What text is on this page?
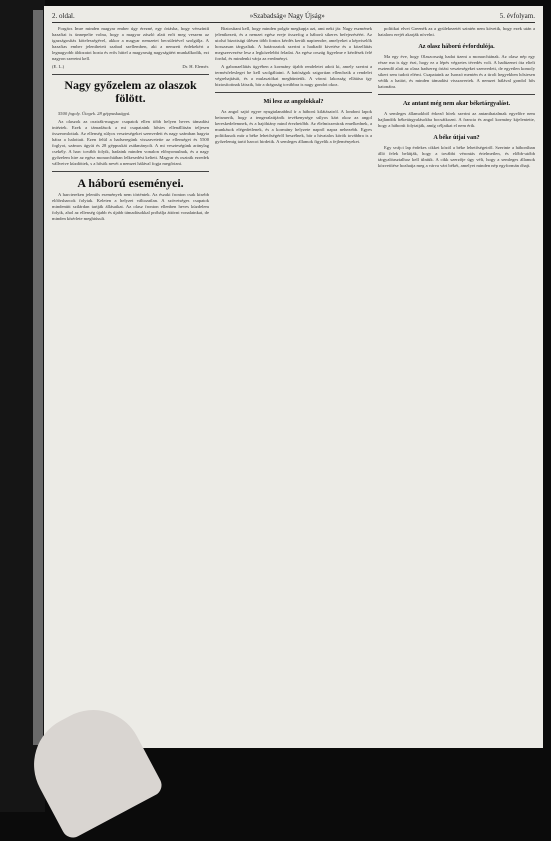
2. oldal.	»Szabadság« Nagy Újság»	5. évfolyam.

Forgács Imre minden magyar ember úgy érezné, egy óriásba, hogy vérszíntű hazafiai is ünnepelte volna, hogy a magyar zászló alatt erőt meg veszem az igazságosítás kötelességével, akkor a magyar nemzetet becsületével szolgálja. A hazafias ember jelenthetett szabad szellemben, aki a nemzeti érdekekért a legnagyobb áldozatot hozta és erős hittel a magyarság nagyságáért munkálkodik, ezt nagyon szeretni kell.

(E. L.)	Dr. H. Elemér.
Nagy győzelem az olaszok fölött.

5500 fogoly. Ütegek. 28 géppuskaágyú.

Az olaszok az osztrák-magyar csapatok ellen több helyen heves támadást intéztek. Ezek a támadások a mi csapataink hősies ellenállásán teljesen összeomlottak. Az ellenség súlyos veszteségeket szenvedett és nagy számban hagyta hátra a halottait. Ezen felül a hadseregünk visszavetette az ellenséget és 5500 foglyot, számos ágyút és 28 géppuskát zsákmányolt. A mi veszteségünk aránylag csekély. A harc tovább folyik, hadaink minden vonalon előnyomulnak, és a nagy győzelem hire az egész monarchiában lelkesedést keltett. Magyar és osztrák ezredek vállvetve küzdöttek, s a hősök nevét a nemzet hálával fogja megőrizni.

A háború eseményei.

A harctereken jelentős események nem történtek. Az északi fronton csak kisebb előőrsharcok folytak. Keleten a helyzet változatlan. A szövetséges csapatok mindenütt szilárdan tartják állásaikat. Az olasz fronton ellenben heves küzdelem folyik, ahol az ellenség újabb és újabb támadásokkal próbálja áttörni vonalainkat, de minden kísérlete meghiúsult.

Biztosítani kell, hogy minden polgár megkapja azt, ami neki jár. Nagy eszmének jelentkezett, és a nemzet egész ereje összefog a háború sikeres befejezéséért. Az utolsó bizottsági ülésen több fontos kérdés került napirendre, amelyeket a képviselők hosszasan tárgyaltak. A határozatok szerint a hadiadó kivetése és a közellátás megszervezése lesz a legközelebbi feladat. Az egész ország figyelme e kérdések felé fordul, és mindenki várja az eredményt.

A gabonaellátás ügyében a kormány újabb rendeletet adott ki, amely szerint a termésfelesleget be kell szolgáltatni. A hatóságok szigorúan ellenőrzik a rendelet végrehajtását, és a mulasztókat megbüntetik. A városi lakosság ellátása így biztosítottnak látszik, bár a drágaság továbbra is nagy gondot okoz.

Mi lesz az angolokkal?

Az angol sajtó egyre nyugtalanabbul ír a háború kilátásairól. A londoni lapok beismerik, hogy a tengeralattjárók tevékenysége súlyos kárt okoz az angol kereskedelemnek, és a hajóhiány mind érezhetőbb. Az élelmiszerárak emelkednek, a munkások elégedetlenek, és a kormány helyzete napról napra nehezebb. Egyes politikusok már a béke lehetőségéről beszélnek, bár a hivatalos körök továbbra is a győzelemig tartó harcot hirdetik. A semleges államok figyelik a fejleményeket.

politikai elvei Greenék az a gyülekezetét szintén nem követik, hogy ezek után a hatalom erejét akarják növelni.

Az olasz háború évfordulója.

Ma egy éve, hogy Olaszország hadat üzent a monarchiának. Az olasz nép egy része ma is úgy érzi, hogy ez a lépés végzetes tévedés volt. A hadüzenet óta eltelt esztendő alatt az olasz hadsereg óriási veszteségeket szenvedett, de egyetlen komoly sikert sem tudott elérni. Csapataink az Isonzó mentén és a tiroli hegyekben hősiesen védik a határt, és minden támadást visszavertek. A nemzet hálával gondol hős katonáira.

Az antant még nem akar béketárgyalást.

A semleges államokból érkező hírek szerint az antanthatalmak egyelőre nem hajlandók béketárgyalásokba bocsátkozni. A francia és angol kormány kijelentette, hogy a háborút folytatják, amíg céljaikat el nem érik.

A béke útjai van?

Egy svájci lap érdekes cikket közöl a béke lehetőségeiről. Szerinte a háborúban álló felek belátják, hogy a további vérontás értelmetlen, és előbb-utóbb tárgyalóasztalhoz kell ülniük. A cikk szerzője úgy véli, hogy a semleges államok közvetítése hozhatja meg a várva várt békét, amelyet minden nép egyformán óhajt.
